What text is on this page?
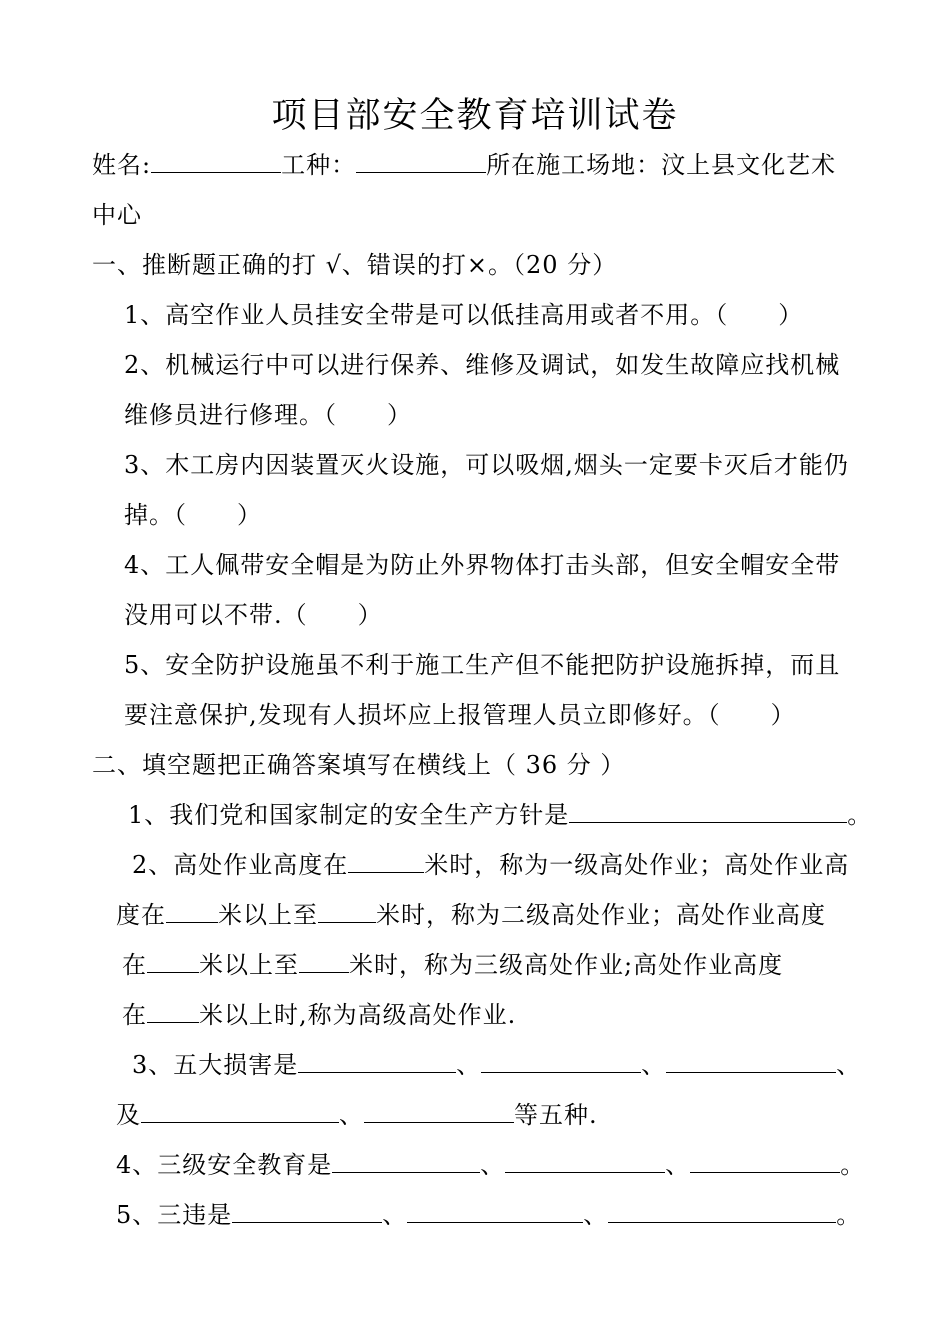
项目部安全教育培训试卷
姓名:	工种：	所在施工场地：汶上县文化艺术
中心
一、推断题正确的打 √、错误的打×。（20 分）
1、高空作业人员挂安全带是可以低挂高用或者不用。（　　）
2、机械运行中可以进行保养、维修及调试，如发生故障应找机械
维修员进行修理。（　　）
3、木工房内因装置灭火设施，可以吸烟,烟头一定要卡灭后才能仍
掉。（　　）
4、工人佩带安全帽是为防止外界物体打击头部，但安全帽安全带
没用可以不带.（　　）
5、安全防护设施虽不利于施工生产但不能把防护设施拆掉，而且
要注意保护,发现有人损坏应上报管理人员立即修好。（　　）
二、填空题把正确答案填写在横线上（ 36 分 ）
1、我们党和国家制定的安全生产方针是	。
2、高处作业高度在	米时，称为一级高处作业；高处作业高
度在 米以上至 米时，称为二级高处作业；高处作业高度
在 米以上至 米时，称为三级高处作业;高处作业高度
在 米以上时,称为高级高处作业.
3、五大损害是	、	、	、
及	、	等五种.
4、三级安全教育是	、	、	。
5、三违是	、	、	。
